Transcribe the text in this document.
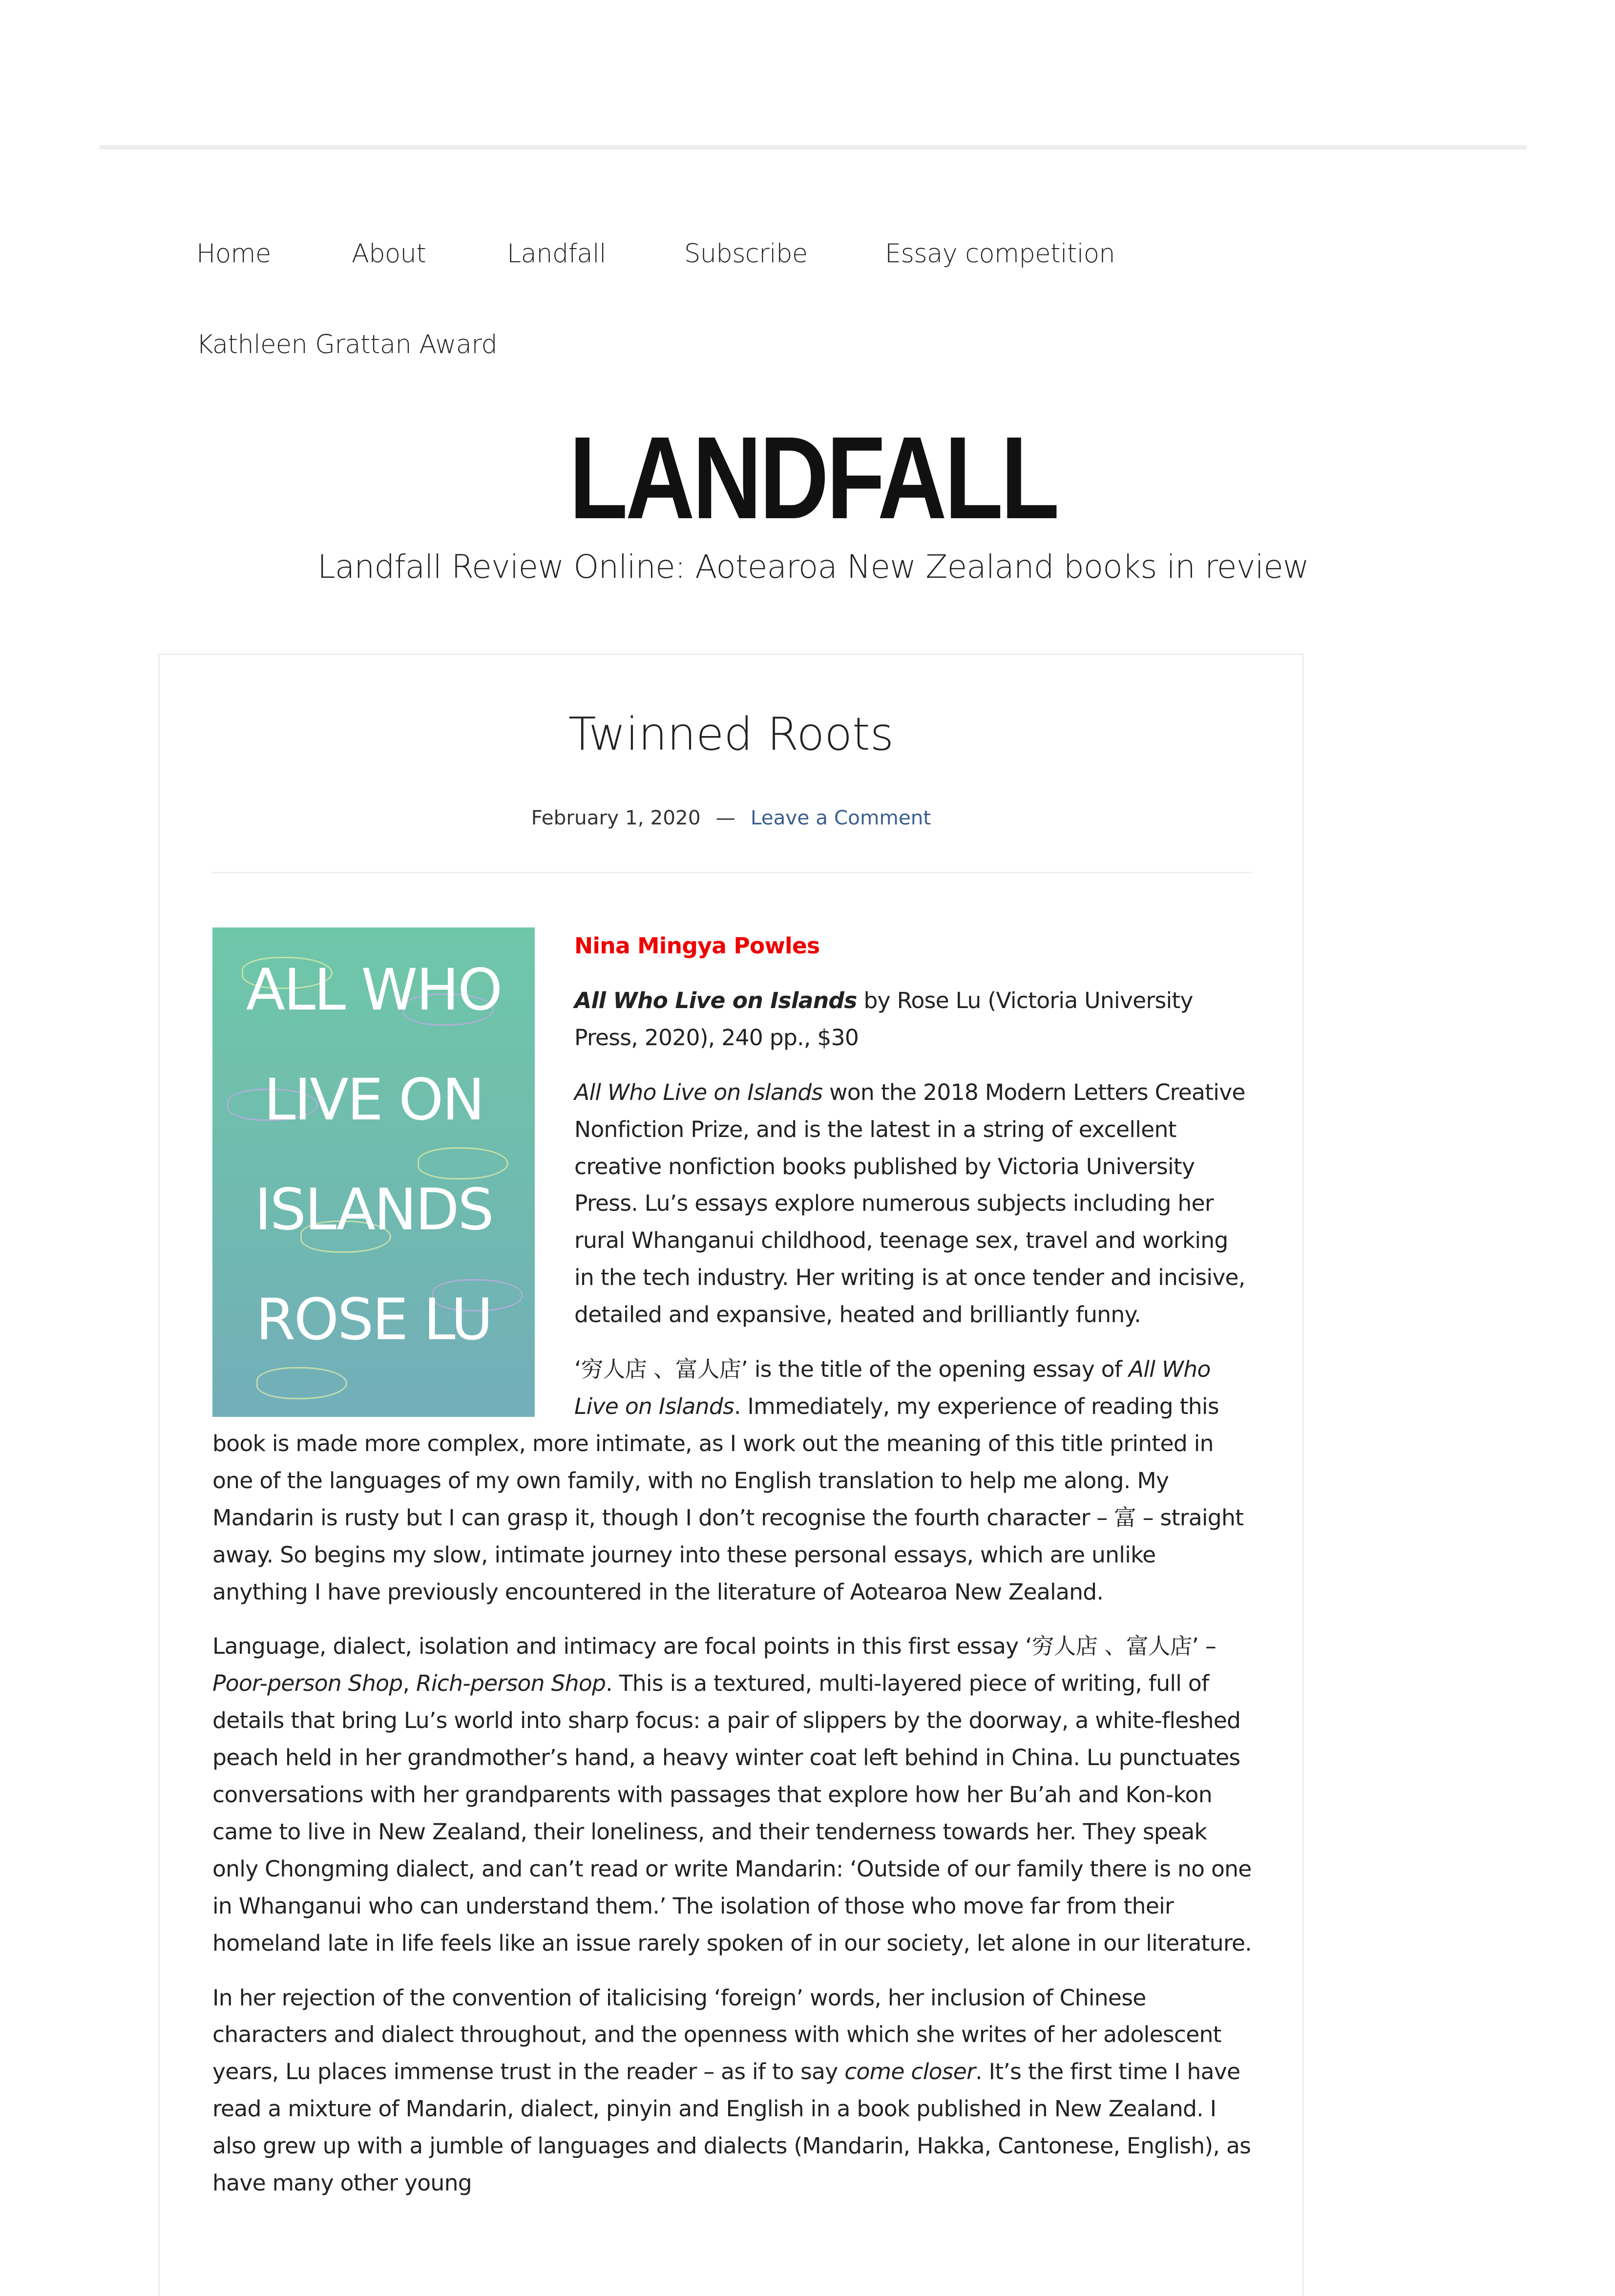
Home	About	Landfall	Subscribe	Essay competition
Kathleen Grattan Award
LANDFALL
Landfall Review Online: Aotearoa New Zealand books in review
Twinned Roots
February 1, 2020 — Leave a Comment
ALL WHO
LIVE ON
ISLANDS
ROSE LU

Nina Mingya Powles

All Who Live on Islands by Rose Lu (Victoria University Press, 2020), 240 pp., $30

All Who Live on Islands won the 2018 Modern Letters Creative Nonfiction Prize, and is the latest in a string of excellent creative nonfiction books published by Victoria University Press. Lu’s essays explore numerous subjects including her rural Whanganui childhood, teenage sex, travel and working in the tech industry. Her writing is at once tender and incisive, detailed and expansive, heated and brilliantly funny.

‘穷人店 、富人店’ is the title of the opening essay of All Who Live on Islands. Immediately, my experience of reading this book is made more complex, more intimate, as I work out the meaning of this title printed in one of the languages of my own family, with no English translation to help me along. My Mandarin is rusty but I can grasp it, though I don’t recognise the fourth character – 富 – straight away. So begins my slow, intimate journey into these personal essays, which are unlike anything I have previously encountered in the literature of Aotearoa New Zealand.

Language, dialect, isolation and intimacy are focal points in this first essay ‘穷人店 、富人店’ – Poor-person Shop, Rich-person Shop. This is a textured, multi-layered piece of writing, full of details that bring Lu’s world into sharp focus: a pair of slippers by the doorway, a white-fleshed peach held in her grandmother’s hand, a heavy winter coat left behind in China. Lu punctuates conversations with her grandparents with passages that explore how her Bu’ah and Kon-kon came to live in New Zealand, their loneliness, and their tenderness towards her. They speak only Chongming dialect, and can’t read or write Mandarin: ‘Outside of our family there is no one in Whanganui who can understand them.’ The isolation of those who move far from their homeland late in life feels like an issue rarely spoken of in our society, let alone in our literature.

In her rejection of the convention of italicising ‘foreign’ words, her inclusion of Chinese characters and dialect throughout, and the openness with which she writes of her adolescent years, Lu places immense trust in the reader – as if to say come closer. It’s the first time I have read a mixture of Mandarin, dialect, pinyin and English in a book published in New Zealand. I also grew up with a jumble of languages and dialects (Mandarin, Hakka, Cantonese, English), as have many other young
